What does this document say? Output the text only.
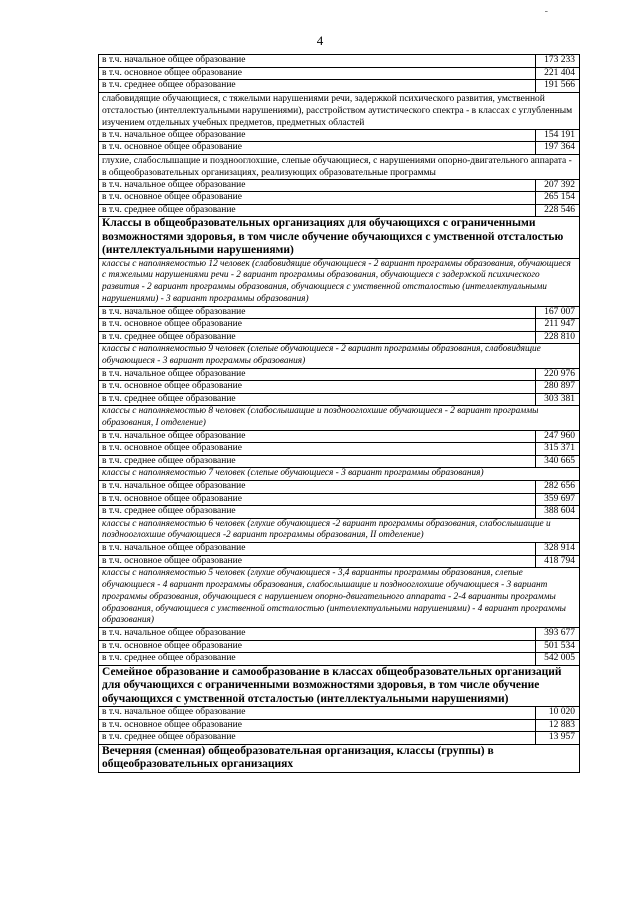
-
4
в т.ч. начальное общее образование	173 233
в т.ч. основное общее образование	221 404
в т.ч. среднее общее образование	191 566
слабовидящие обучающиеся, с тяжелыми нарушениями речи, задержкой психического развития, умственной отсталостью (интеллектуальными нарушениями), расстройством аутистического спектра - в классах с углубленным изучением отдельных учебных предметов, предметных областей	
в т.ч. начальное общее образование	154 191
в т.ч. основное общее образование	197 364
глухие, слабослышащие и позднооглохшие, слепые обучающиеся, с нарушениями опорно-двигательного аппарата - в общеобразовательных организациях, реализующих образовательные программы	
в т.ч. начальное общее образование	207 392
в т.ч. основное общее образование	265 154
в т.ч. среднее общее образование	228 546
Классы в общеобразовательных организациях для обучающихся с ограниченными возможностями здоровья, в том числе обучение обучающихся с умственной отсталостью (интеллектуальными нарушениями)	
классы с наполняемостью 12 человек (слабовидящие обучающиеся - 2 вариант программы образования, обучающиеся с тяжелыми нарушениями речи - 2 вариант программы образования, обучающиеся с задержкой психического развития - 2 вариант программы образования, обучающиеся с умственной отсталостью (интеллектуальными нарушениями) - 3 вариант программы образования)	
в т.ч. начальное общее образование	167 007
в т.ч. основное общее образование	211 947
в т.ч. среднее общее образование	228 810
классы с наполняемостью 9 человек (слепые обучающиеся - 2 вариант программы образования, слабовидящие обучающиеся - 3 вариант программы образования)	
в т.ч. начальное общее образование	220 976
в т.ч. основное общее образование	280 897
в т.ч. среднее общее образование	303 381
классы с наполняемостью 8 человек (слабослышащие и позднооглохшие обучающиеся - 2 вариант программы образования, I отделение)	
в т.ч. начальное общее образование	247 960
в т.ч. основное общее образование	315 371
в т.ч. среднее общее образование	340 665
классы с наполняемостью 7 человек (слепые обучающиеся - 3 вариант программы образования)	
в т.ч. начальное общее образование	282 656
в т.ч. основное общее образование	359 697
в т.ч. среднее общее образование	388 604
классы с наполняемостью 6 человек (глухие обучающиеся -2 вариант программы образования, слабослышащие и позднооглохшие обучающиеся -2 вариант программы образования, II отделение)	
в т.ч. начальное общее образование	328 914
в т.ч. основное общее образование	418 794
классы с наполняемостью 5 человек (глухие обучающиеся - 3,4 варианты программы образования, слепые обучающиеся - 4 вариант программы образования, слабослышащие и позднооглохшие обучающиеся - 3 вариант программы образования, обучающиеся с нарушением опорно-двигательного аппарата - 2-4 варианты программы образования, обучающиеся с умственной отсталостью (интеллектуальными нарушениями) - 4 вариант программы образования)	
в т.ч. начальное общее образование	393 677
в т.ч. основное общее образование	501 534
в т.ч. среднее общее образование	542 005
Семейное образование и самообразование в классах общеобразовательных организаций для обучающихся с ограниченными возможностями здоровья, в том числе обучение обучающихся с умственной отсталостью (интеллектуальными нарушениями)	
в т.ч. начальное общее образование	10 020
в т.ч. основное общее образование	12 883
в т.ч. среднее общее образование	13 957
Вечерняя (сменная) общеобразовательная организация, классы (группы) в общеобразовательных организациях	
